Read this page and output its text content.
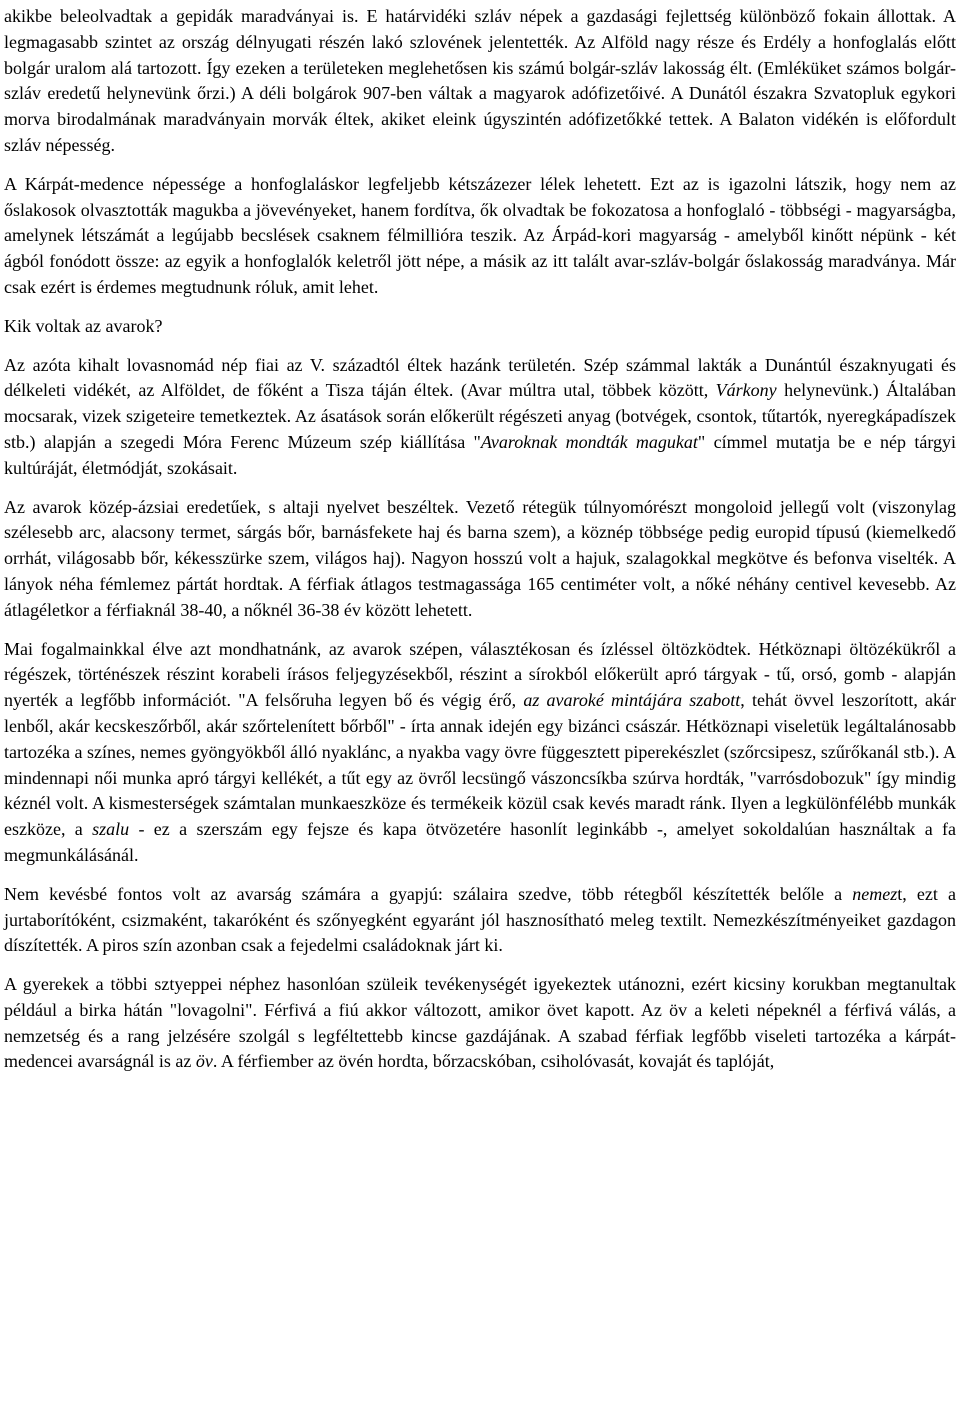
akikbe beleolvadtak a gepidák maradványai is. E határvidéki szláv népek a gazdasági fejlettség különböző fokain állottak. A legmagasabb szintet az ország délnyugati részén lakó szlovének jelentették. Az Alföld nagy része és Erdély a honfoglalás előtt bolgár uralom alá tartozott. Így ezeken a területeken meglehetősen kis számú bolgár-szláv lakosság élt. (Emléküket számos bolgár-szláv eredetű helynevünk őrzi.) A déli bolgárok 907-ben váltak a magyarok adófizetőivé. A Dunától északra Szvatopluk egykori morva birodalmának maradványain morvák éltek, akiket eleink úgyszintén adófizetőkké tettek. A Balaton vidékén is előfordult szláv népesség.

A Kárpát-medence népessége a honfoglaláskor legfeljebb kétszázezer lélek lehetett. Ezt az is igazolni látszik, hogy nem az őslakosok olvasztották magukba a jövevényeket, hanem fordítva, ők olvadtak be fokozatosa a honfoglaló - többségi - magyarságba, amelynek létszámát a legújabb becslések csaknem félmillióra teszik. Az Árpád-kori magyarság - amelyből kinőtt népünk - két ágból fonódott össze: az egyik a honfoglalók keletről jött népe, a másik az itt talált avar-szláv-bolgár őslakosság maradványa. Már csak ezért is érdemes megtudnunk róluk, amit lehet.

Kik voltak az avarok?

Az azóta kihalt lovasnomád nép fiai az V. századtól éltek hazánk területén. Szép számmal lakták a Dunántúl északnyugati és délkeleti vidékét, az Alföldet, de főként a Tisza táján éltek. (Avar múltra utal, többek között, Várkony helynevünk.) Általában mocsarak, vizek szigeteire temetkeztek. Az ásatások során előkerült régészeti anyag (botvégek, csontok, tűtartók, nyeregkápadíszek stb.) alapján a szegedi Móra Ferenc Múzeum szép kiállítása "Avaroknak mondták magukat" címmel mutatja be e nép tárgyi kultúráját, életmódját, szokásait.

Az avarok közép-ázsiai eredetűek, s altaji nyelvet beszéltek. Vezető rétegük túlnyomórészt mongoloid jellegű volt (viszonylag szélesebb arc, alacsony termet, sárgás bőr, barnásfekete haj és barna szem), a köznép többsége pedig europid típusú (kiemelkedő orrhát, világosabb bőr, kékesszürke szem, világos haj). Nagyon hosszú volt a hajuk, szalagokkal megkötve és befonva viselték. A lányok néha fémlemez pártát hordtak. A férfiak átlagos testmagassága 165 centiméter volt, a nőké néhány centivel kevesebb. Az átlagéletkor a férfiaknál 38-40, a nőknél 36-38 év között lehetett.

Mai fogalmainkkal élve azt mondhatnánk, az avarok szépen, választékosan és ízléssel öltözködtek. Hétköznapi öltözékükről a régészek, történészek részint korabeli írásos feljegyzésekből, részint a sírokból előkerült apró tárgyak - tű, orsó, gomb - alapján nyerték a legfőbb információt. "A felsőruha legyen bő és végig érő, az avaroké mintájára szabott, tehát övvel leszorított, akár lenből, akár kecskeszőrből, akár szőrtelenített bőrből" - írta annak idején egy bizánci császár. Hétköznapi viseletük legáltalánosabb tartozéka a színes, nemes gyöngyökből álló nyaklánc, a nyakba vagy övre függesztett piperekészlet (szőrcsipesz, szűrőkanál stb.). A mindennapi női munka apró tárgyi kellékét, a tűt egy az övről lecsüngő vászoncsíkba szúrva hordták, "varrósdobozuk" így mindig kéznél volt. A kismesterségek számtalan munkaeszköze és termékeik közül csak kevés maradt ránk. Ilyen a legkülönfélébb munkák eszköze, a szalu - ez a szerszám egy fejsze és kapa ötvözetére hasonlít leginkább -, amelyet sokoldalúan használtak a fa megmunkálásánál.

Nem kevésbé fontos volt az avarság számára a gyapjú: szálaira szedve, több rétegből készítették belőle a nemezt, ezt a jurtaborítóként, csizmaként, takaróként és szőnyegként egyaránt jól hasznosítható meleg textilt. Nemezkészítményeiket gazdagon díszítették. A piros szín azonban csak a fejedelmi családoknak járt ki.

A gyerekek a többi sztyeppei néphez hasonlóan szüleik tevékenységét igyekeztek utánozni, ezért kicsiny korukban megtanultak például a birka hátán "lovagolni". Férfivá a fiú akkor változott, amikor övet kapott. Az öv a keleti népeknél a férfivá válás, a nemzetség és a rang jelzésére szolgál s legféltettebb kincse gazdájának. A szabad férfiak legfőbb viseleti tartozéka a kárpát-medencei avarságnál is az öv. A férfiember az övén hordta, bőrzacskóban, csiholóvasát, kovaját és taplóját,
